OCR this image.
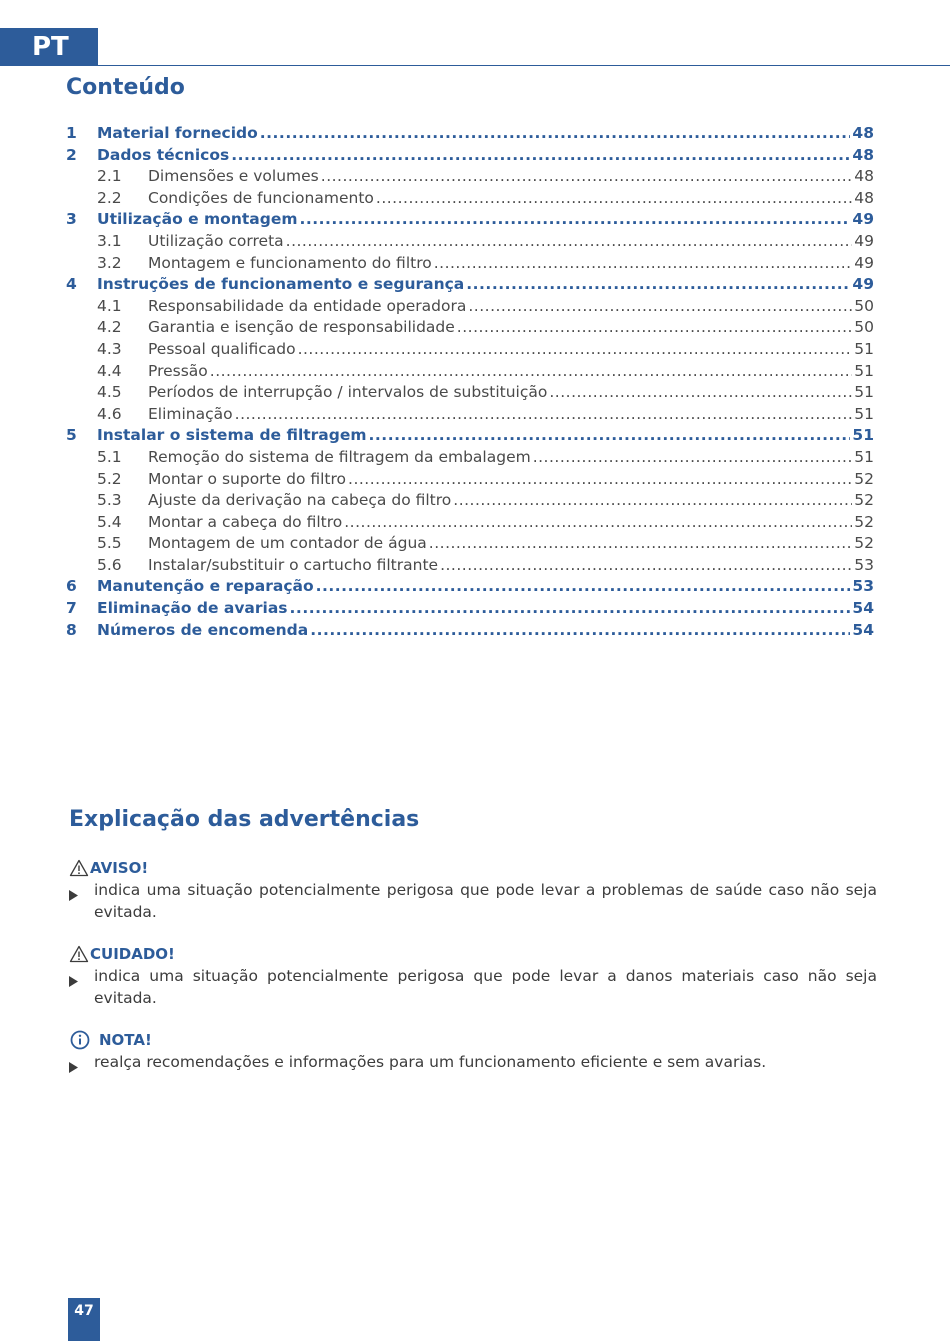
PT
Conteúdo
1	Material fornecido .....	48
2	Dados técnicos .....	48
2.1	Dimensões e volumes .....	48
2.2	Condições de funcionamento .....	48
3	Utilização e montagem .....	49
3.1	Utilização correta .....	49
3.2	Montagem e funcionamento do filtro .....	49
4	Instruções de funcionamento e segurança .....	49
4.1	Responsabilidade da entidade operadora .....	50
4.2	Garantia e isenção de responsabilidade .....	50
4.3	Pessoal qualificado .....	51
4.4	Pressão .....	51
4.5	Períodos de interrupção / intervalos de substituição .....	51
4.6	Eliminação .....	51
5	Instalar o sistema de filtragem .....	51
5.1	Remoção do sistema de filtragem da embalagem .....	51
5.2	Montar o suporte do filtro .....	52
5.3	Ajuste da derivação na cabeça do filtro .....	52
5.4	Montar a cabeça do filtro .....	52
5.5	Montagem de um contador de água .....	52
5.6	Instalar/substituir o cartucho filtrante .....	53
6	Manutenção e reparação .....	53
7	Eliminação de avarias .....	54
8	Números de encomenda .....	54
Explicação das advertências
AVISO!
indica uma situação potencialmente perigosa que pode levar a problemas de saúde caso não seja evitada.
CUIDADO!
indica uma situação potencialmente perigosa que pode levar a danos materiais caso não seja evitada.
NOTA!
realça recomendações e informações para um funcionamento eficiente e sem avarias.
47
